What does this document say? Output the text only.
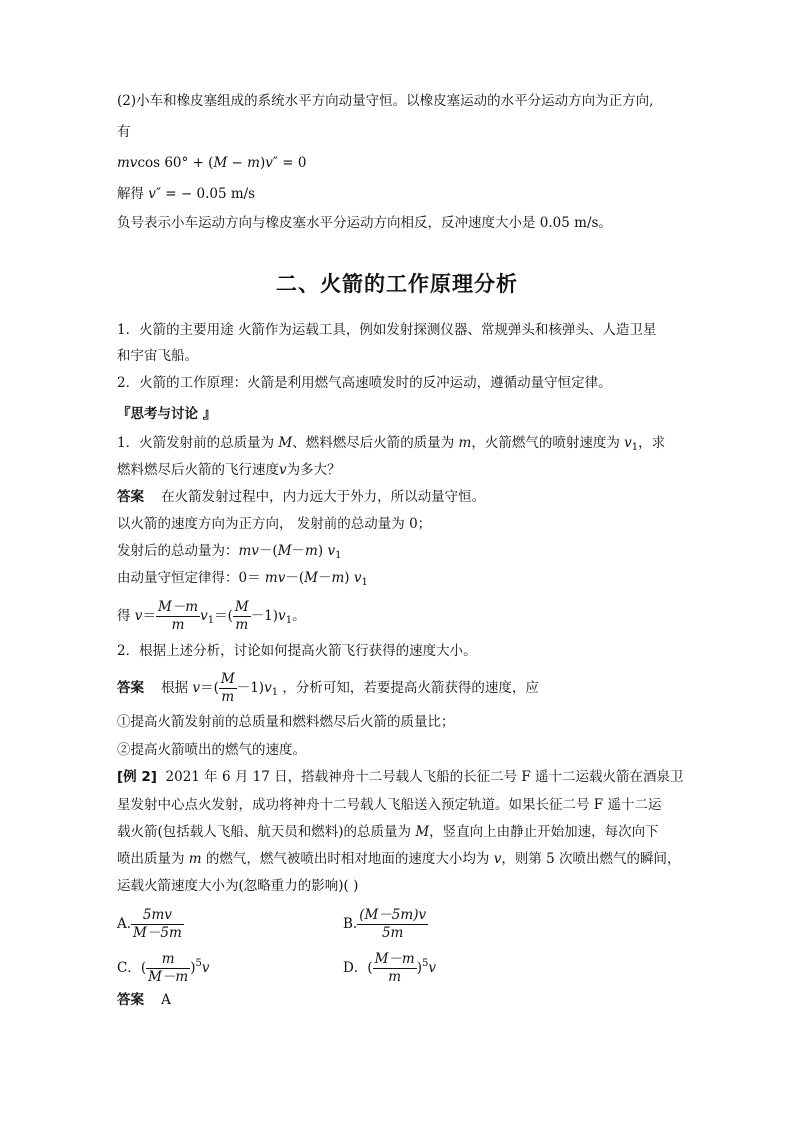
(2)小车和橡皮塞组成的系统水平方向动量守恒。以橡皮塞运动的水平分运动方向为正方向,
有
mvcos 60° + (M − m)v″ = 0
解得 v″ = − 0.05 m/s
负号表示小车运动方向与橡皮塞水平分运动方向相反，反冲速度大小是 0.05 m/s。
二、火箭的工作原理分析
1．火箭的主要用途 火箭作为运载工具，例如发射探测仪器、常规弹头和核弹头、人造卫星
和宇宙飞船。
2．火箭的工作原理：火箭是利用燃气高速喷发时的反冲运动，遵循动量守恒定律。
『思考与讨论 』
1．火箭发射前的总质量为 M、燃料燃尽后火箭的质量为 m，火箭燃气的喷射速度为 $v_1$，求
燃料燃尽后火箭的飞行速度v为多大？
答案 在火箭发射过程中，内力远大于外力，所以动量守恒。
以火箭的速度方向为正方向， 发射前的总动量为 0；
发射后的总动量为：mv－(M－m) $v_1$
由动量守恒定律得：0＝ mv－(M－m) $v_1$
得 $v= \frac{M-m}{m} v_1=( \frac{M}{m} -1)v_1$。
2．根据上述分析，讨论如何提高火箭飞行获得的速度大小。
答案 根据 $v=( \frac{M}{m} -1)v_1$ ，分析可知，若要提高火箭获得的速度，应
①提高火箭发射前的总质量和燃料燃尽后火箭的质量比；
②提高火箭喷出的燃气的速度。
[例 2] 2021 年 6 月 17 日，搭载神舟十二号载人飞船的长征二号 F 遥十二运载火箭在酒泉卫
星发射中心点火发射，成功将神舟十二号载人飞船送入预定轨道。如果长征二号 F 遥十二运
载火箭(包括载人飞船、航天员和燃料)的总质量为 M，竖直向上由静止开始加速，每次向下
喷出质量为 m 的燃气，燃气被喷出时相对地面的速度大小均为 v，则第 5 次喷出燃气的瞬间，
运载火箭速度大小为(忽略重力的影响)( )
A. $\frac{5mv}{M-5m}$	B. $\frac{(M-5m)v}{5m}$
C．( $\frac{m}{M-m} )^5v$	D．( $\frac{M-m}{m} )^5v$
答案 A
